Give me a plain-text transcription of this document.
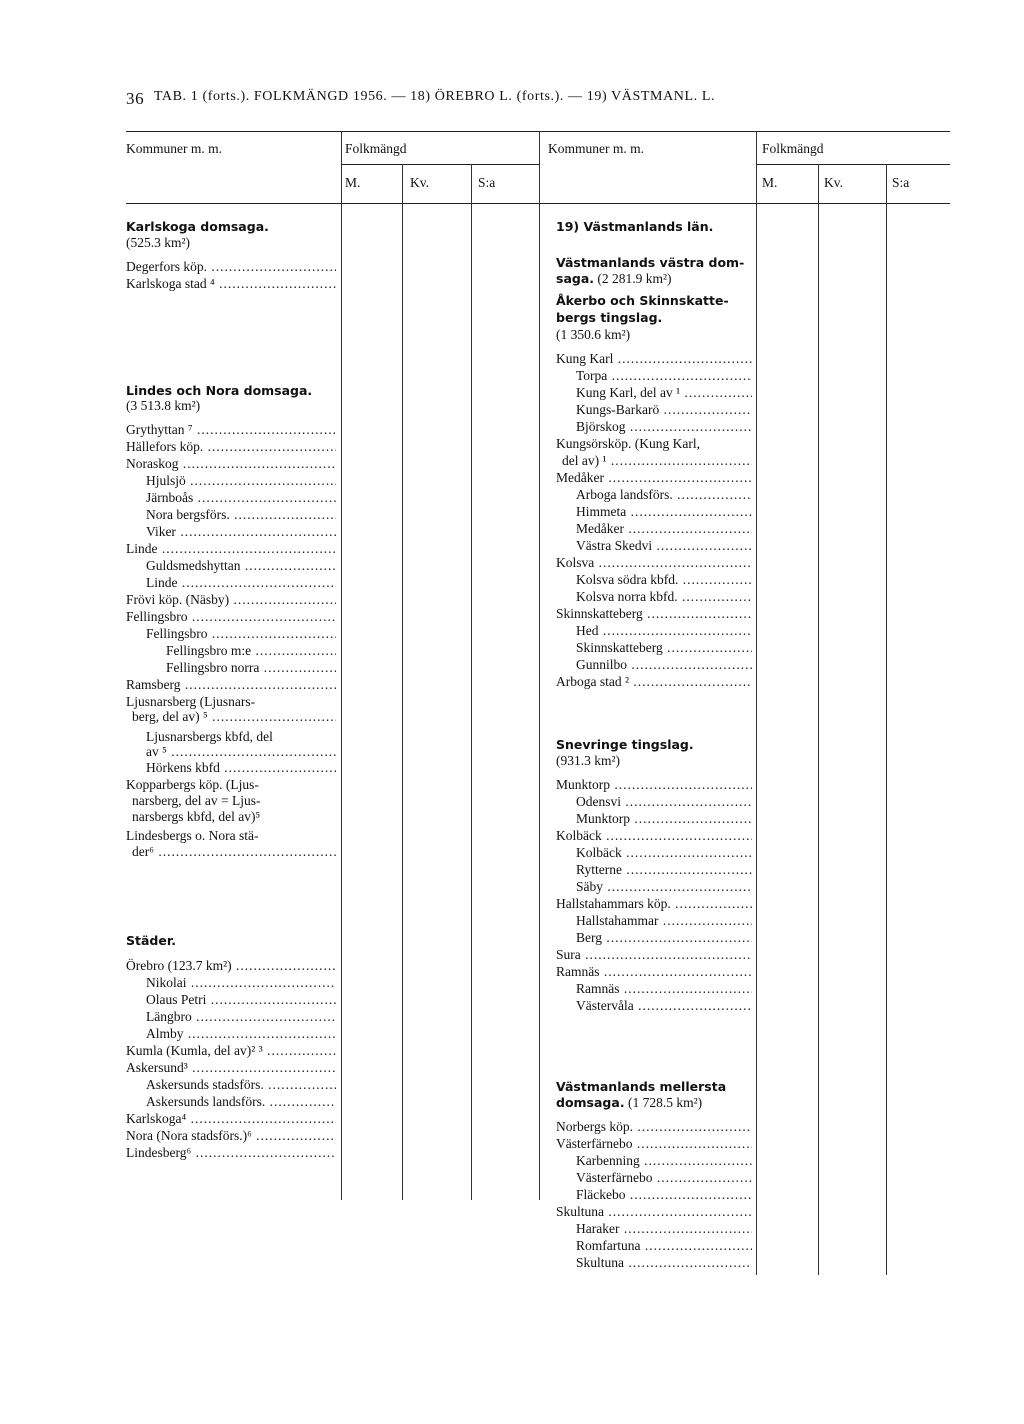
36 TAB. 1 (forts.). FOLKMÄNGD 1956. — 18) ÖREBRO L. (forts.). — 19) VÄSTMANL. L.
Kommuner m. m.	Folkmängd
M.	Kv.	S:a
Kommuner m. m.	Folkmängd
M.	Kv.	S:a
Karlskoga domsaga.
(525.3 km²)
Degerfors köp. .....
Karlskoga stad ⁴ .....
Lindes och Nora domsaga.
(3 513.8 km²)
Grythyttan ⁷ .....
Hällefors köp. .....
Noraskog .....
Hjulsjö .....
Järnboås .....
Nora bergsförs. .....
Viker .....
Linde .....
Guldsmedshyttan .....
Linde .....
Frövi köp. (Näsby) .....
Fellingsbro .....
Fellingsbro .....
Fellingsbro m:e .....
Fellingsbro norra .....
Ramsberg .....
Ljusnarsberg (Ljusnars-
berg, del av) ⁵ .....
Ljusnarsbergs kbfd, del
av ⁵ .....
Hörkens kbfd .....
Kopparbergs köp. (Ljus-
narsberg, del av = Ljus-
narsbergs kbfd, del av)⁵
Lindesbergs o. Nora stä-
der⁶ .....
Städer.
Örebro (123.7 km²) .....
Nikolai .....
Olaus Petri .....
Längbro .....
Almby .....
Kumla (Kumla, del av)² ³ .....
Askersund³ .....
Askersunds stadsförs. .....
Askersunds landsförs. .....
Karlskoga⁴ .....
Nora (Nora stadsförs.)⁶ .....
Lindesberg⁶ .....
19) Västmanlands län.
Västmanlands västra dom-
saga. (2 281.9 km²)
Åkerbo och Skinnskatte-
bergs tingslag.
(1 350.6 km²)
Kung Karl .....
Torpa .....
Kung Karl, del av ¹ .....
Kungs-Barkarö .....
Björskog .....
Kungsörsköp. (Kung Karl,
del av) ¹ .....
Medåker .....
Arboga landsförs. .....
Himmeta .....
Medåker .....
Västra Skedvi .....
Kolsva .....
Kolsva södra kbfd. .....
Kolsva norra kbfd. .....
Skinnskatteberg .....
Hed .....
Skinnskatteberg .....
Gunnilbo .....
Arboga stad ² .....
Snevringe tingslag.
(931.3 km²)
Munktorp .....
Odensvi .....
Munktorp .....
Kolbäck .....
Kolbäck .....
Rytterne .....
Säby .....
Hallstahammars köp. .....
Hallstahammar .....
Berg .....
Sura .....
Ramnäs .....
Ramnäs .....
Västervåla .....
Västmanlands mellersta
domsaga. (1 728.5 km²)
Norbergs köp. .....
Västerfärnebo .....
Karbenning .....
Västerfärnebo .....
Fläckebo .....
Skultuna .....
Haraker .....
Romfartuna .....
Skultuna .....
